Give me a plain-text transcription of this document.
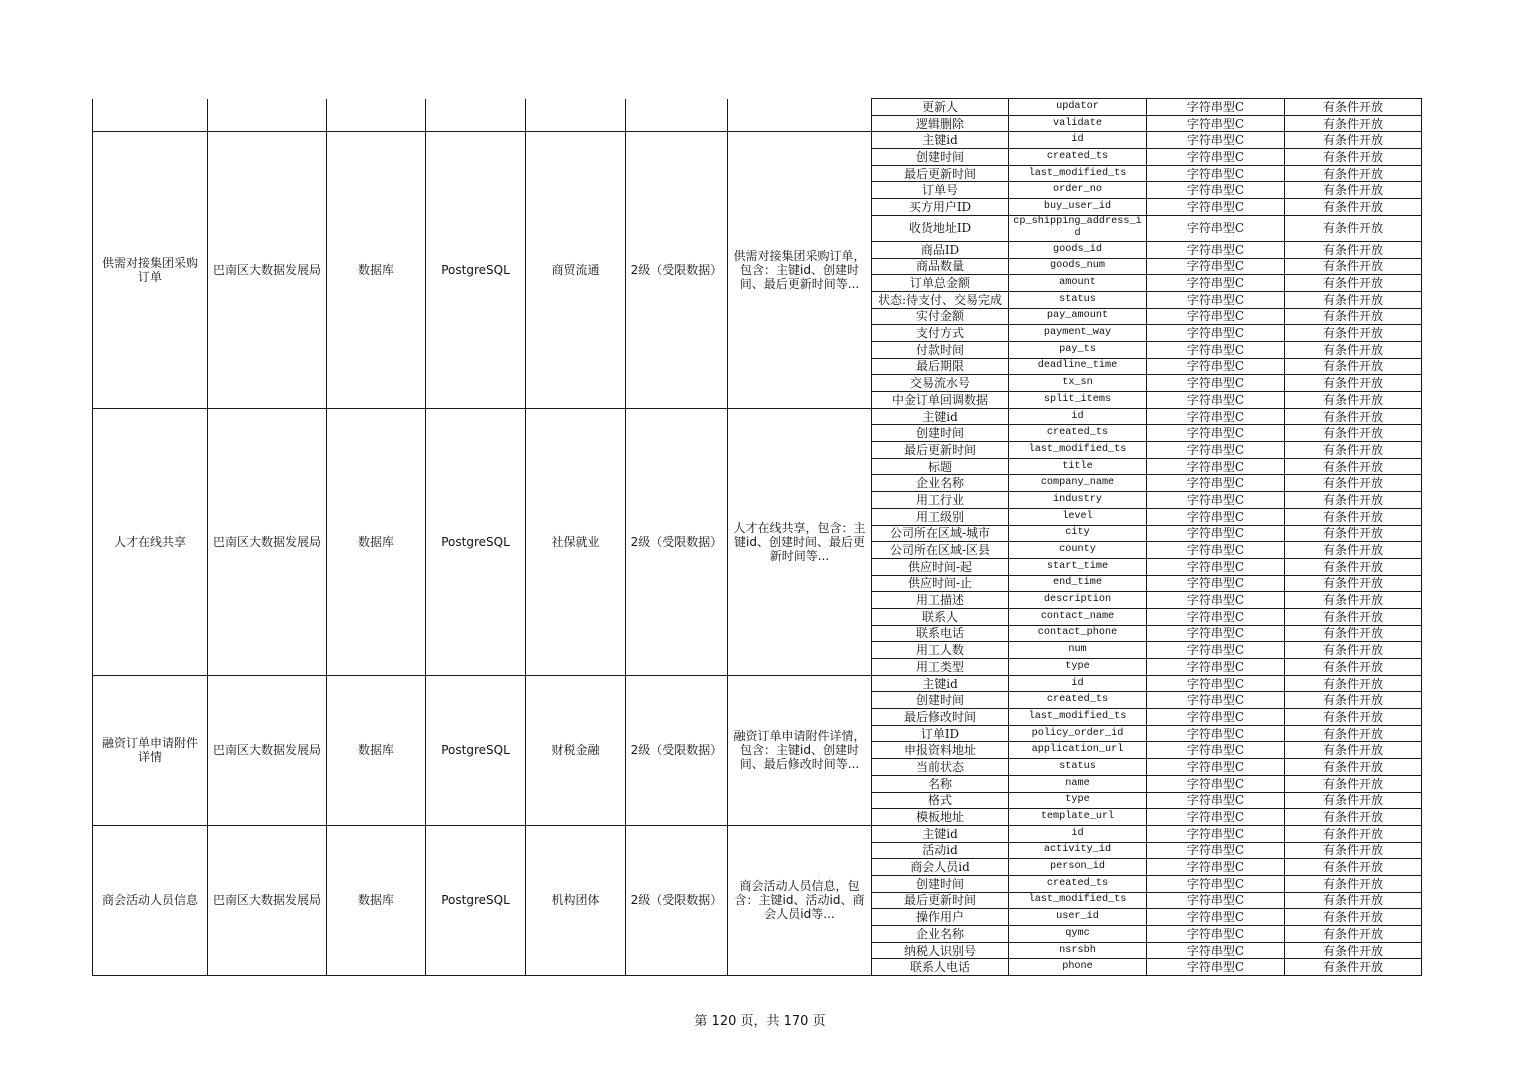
							更新人	updator	字符串型C	有条件开放
							逻辑删除	validate	字符串型C	有条件开放
供需对接集团采购订单	巴南区大数据发展局	数据库	PostgreSQL	商贸流通	2级（受限数据）	供需对接集团采购订单，包含：主键id、创建时间、最后更新时间等...	主键id	id	字符串型C	有条件开放
							创建时间	created_ts	字符串型C	有条件开放
							最后更新时间	last_modified_ts	字符串型C	有条件开放
							订单号	order_no	字符串型C	有条件开放
							买方用户ID	buy_user_id	字符串型C	有条件开放
							收货地址ID	cp_shipping_address_id	字符串型C	有条件开放
							商品ID	goods_id	字符串型C	有条件开放
							商品数量	goods_num	字符串型C	有条件开放
							订单总金额	amount	字符串型C	有条件开放
							状态:待支付、交易完成	status	字符串型C	有条件开放
							实付金额	pay_amount	字符串型C	有条件开放
							支付方式	payment_way	字符串型C	有条件开放
							付款时间	pay_ts	字符串型C	有条件开放
							最后期限	deadline_time	字符串型C	有条件开放
							交易流水号	tx_sn	字符串型C	有条件开放
							中金订单回调数据	split_items	字符串型C	有条件开放
人才在线共享	巴南区大数据发展局	数据库	PostgreSQL	社保就业	2级（受限数据）	人才在线共享，包含：主键id、创建时间、最后更新时间等...	主键id	id	字符串型C	有条件开放
							创建时间	created_ts	字符串型C	有条件开放
							最后更新时间	last_modified_ts	字符串型C	有条件开放
							标题	title	字符串型C	有条件开放
							企业名称	company_name	字符串型C	有条件开放
							用工行业	industry	字符串型C	有条件开放
							用工级别	level	字符串型C	有条件开放
							公司所在区域-城市	city	字符串型C	有条件开放
							公司所在区域-区县	county	字符串型C	有条件开放
							供应时间-起	start_time	字符串型C	有条件开放
							供应时间-止	end_time	字符串型C	有条件开放
							用工描述	description	字符串型C	有条件开放
							联系人	contact_name	字符串型C	有条件开放
							联系电话	contact_phone	字符串型C	有条件开放
							用工人数	num	字符串型C	有条件开放
							用工类型	type	字符串型C	有条件开放
融资订单申请附件详情	巴南区大数据发展局	数据库	PostgreSQL	财税金融	2级（受限数据）	融资订单申请附件详情，包含：主键id、创建时间、最后修改时间等...	主键id	id	字符串型C	有条件开放
							创建时间	created_ts	字符串型C	有条件开放
							最后修改时间	last_modified_ts	字符串型C	有条件开放
							订单ID	policy_order_id	字符串型C	有条件开放
							申报资料地址	application_url	字符串型C	有条件开放
							当前状态	status	字符串型C	有条件开放
							名称	name	字符串型C	有条件开放
							格式	type	字符串型C	有条件开放
							模板地址	template_url	字符串型C	有条件开放
商会活动人员信息	巴南区大数据发展局	数据库	PostgreSQL	机构团体	2级（受限数据）	商会活动人员信息，包含：主键id、活动id、商会人员id等...	主键id	id	字符串型C	有条件开放
							活动id	activity_id	字符串型C	有条件开放
							商会人员id	person_id	字符串型C	有条件开放
							创建时间	created_ts	字符串型C	有条件开放
							最后更新时间	last_modified_ts	字符串型C	有条件开放
							操作用户	user_id	字符串型C	有条件开放
							企业名称	qymc	字符串型C	有条件开放
							纳税人识别号	nsrsbh	字符串型C	有条件开放
							联系人电话	phone	字符串型C	有条件开放
第 120 页，共 170 页
